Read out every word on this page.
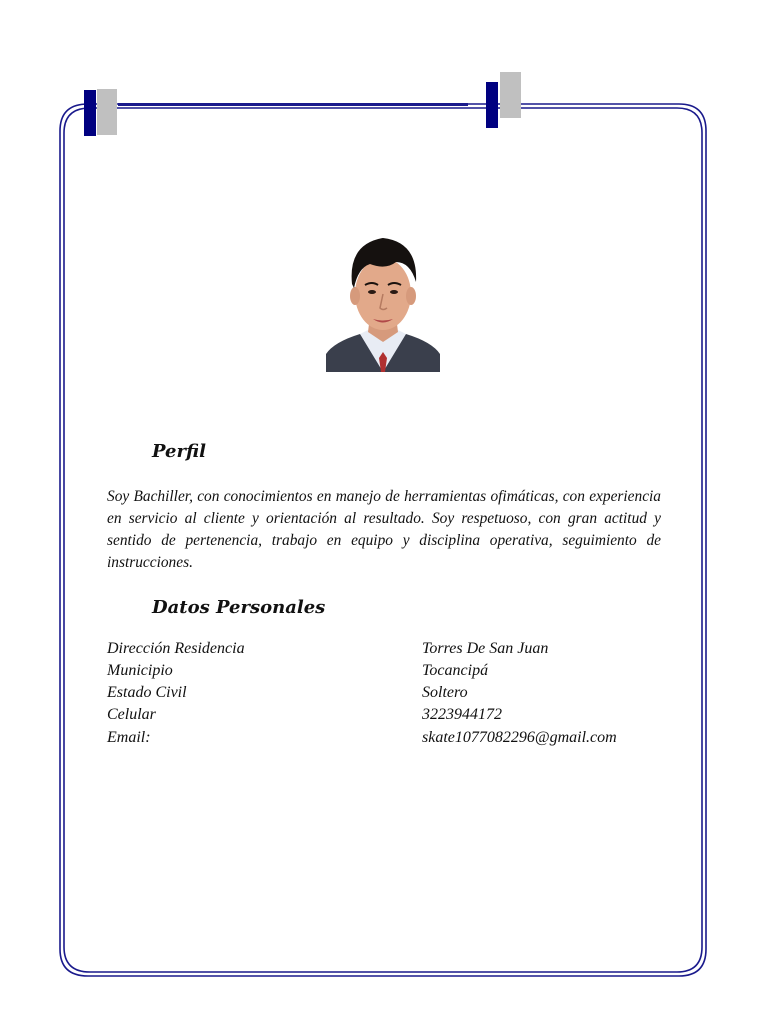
Perfil

Soy Bachiller, con conocimientos en manejo de herramientas ofimáticas, con experiencia en servicio al cliente y orientación al resultado. Soy respetuoso, con gran actitud y sentido de pertenencia, trabajo en equipo y disciplina operativa, seguimiento de instrucciones.

Datos Personales
Dirección Residencia	Torres De San Juan
Municipio	Tocancipá
Estado Civil	Soltero
Celular	3223944172
Email:	skate1077082296@gmail.com
